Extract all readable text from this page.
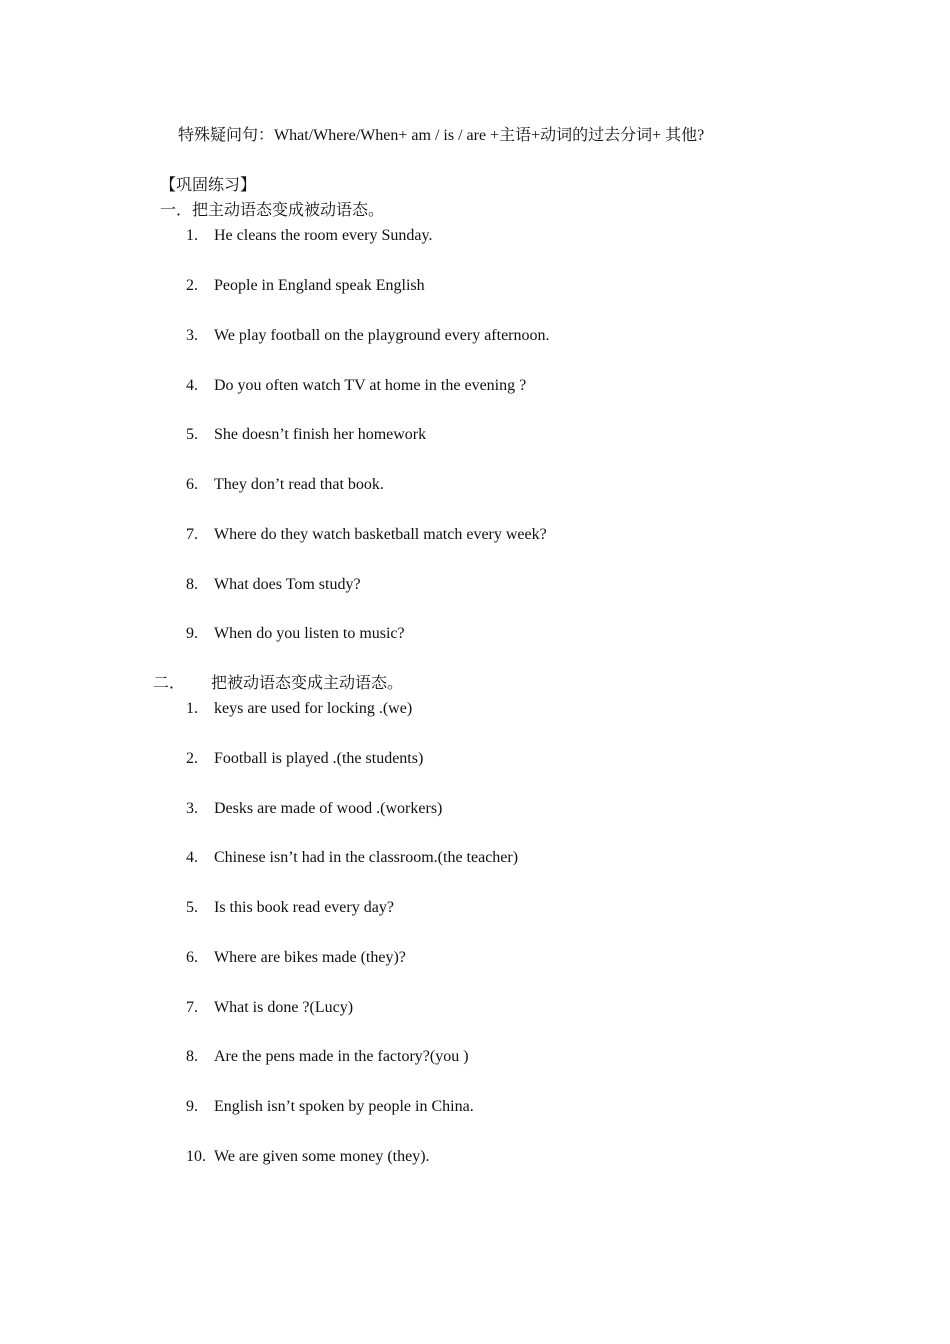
特殊疑问句：What/Where/When+ am / is / are +主语+动词的过去分词+ 其他?
【巩固练习】
一．把主动语态变成被动语态。
1. He cleans the room every Sunday.
2. People in England speak English
3. We play football on the playground every afternoon.
4. Do you often watch TV at home in the evening ?
5. She doesn’t finish her homework
6. They don’t read that book.
7. Where do they watch basketball match every week?
8. What does Tom study?
9. When do you listen to music?
二． 把被动语态变成主动语态。
1. keys are used for locking .(we)
2. Football is played .(the students)
3. Desks are made of wood .(workers)
4. Chinese isn’t had in the classroom.(the teacher)
5. Is this book read every day?
6. Where are bikes made (they)?
7. What is done ?(Lucy)
8. Are the pens made in the factory?(you )
9. English isn’t spoken by people in China.
10. We are given some money (they).
